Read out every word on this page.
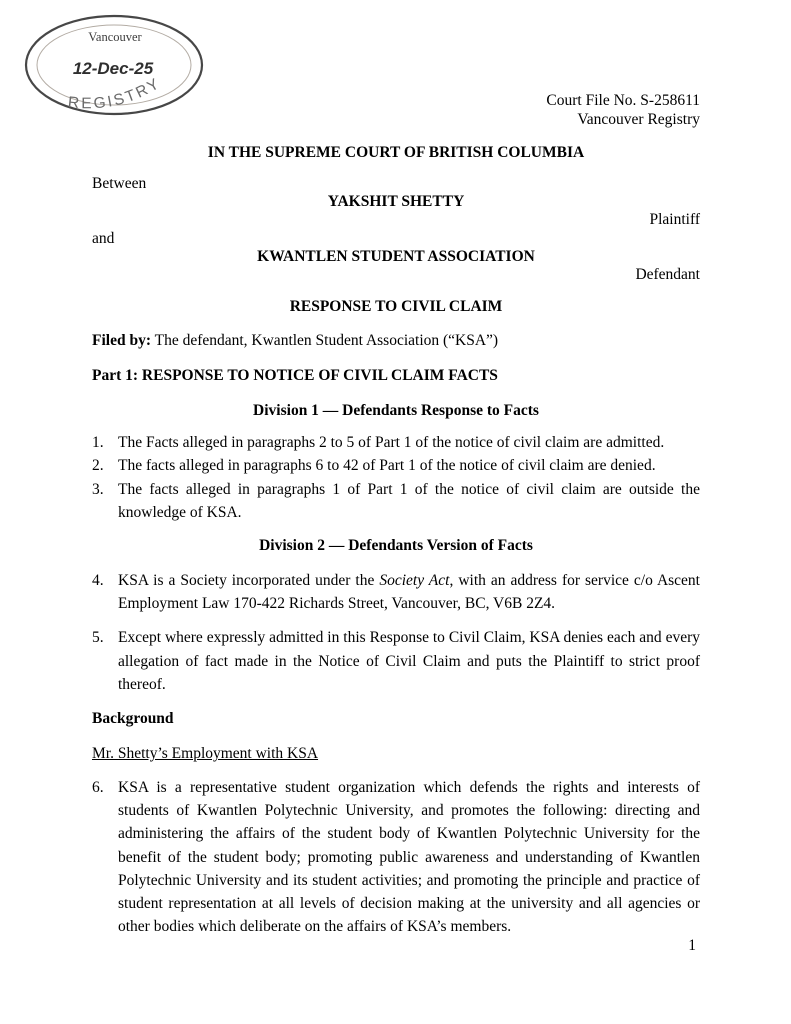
Vancouver
12-Dec-25
REGISTRY
Court File No. S-258611
Vancouver Registry
IN THE SUPREME COURT OF BRITISH COLUMBIA
Between
YAKSHIT SHETTY
Plaintiff
and
KWANTLEN STUDENT ASSOCIATION
Defendant
RESPONSE TO CIVIL CLAIM
Filed by: The defendant, Kwantlen Student Association (“KSA”)
Part 1: RESPONSE TO NOTICE OF CIVIL CLAIM FACTS
Division 1 — Defendants Response to Facts
1. The Facts alleged in paragraphs 2 to 5 of Part 1 of the notice of civil claim are admitted.
2. The facts alleged in paragraphs 6 to 42 of Part 1 of the notice of civil claim are denied.
3. The facts alleged in paragraphs 1 of Part 1 of the notice of civil claim are outside the knowledge of KSA.
Division 2 — Defendants Version of Facts
4. KSA is a Society incorporated under the Society Act, with an address for service c/o Ascent Employment Law 170-422 Richards Street, Vancouver, BC, V6B 2Z4.
5. Except where expressly admitted in this Response to Civil Claim, KSA denies each and every allegation of fact made in the Notice of Civil Claim and puts the Plaintiff to strict proof thereof.
Background
Mr. Shetty’s Employment with KSA
6. KSA is a representative student organization which defends the rights and interests of students of Kwantlen Polytechnic University, and promotes the following: directing and administering the affairs of the student body of Kwantlen Polytechnic University for the benefit of the student body; promoting public awareness and understanding of Kwantlen Polytechnic University and its student activities; and promoting the principle and practice of student representation at all levels of decision making at the university and all agencies or other bodies which deliberate on the affairs of KSA’s members.
1
